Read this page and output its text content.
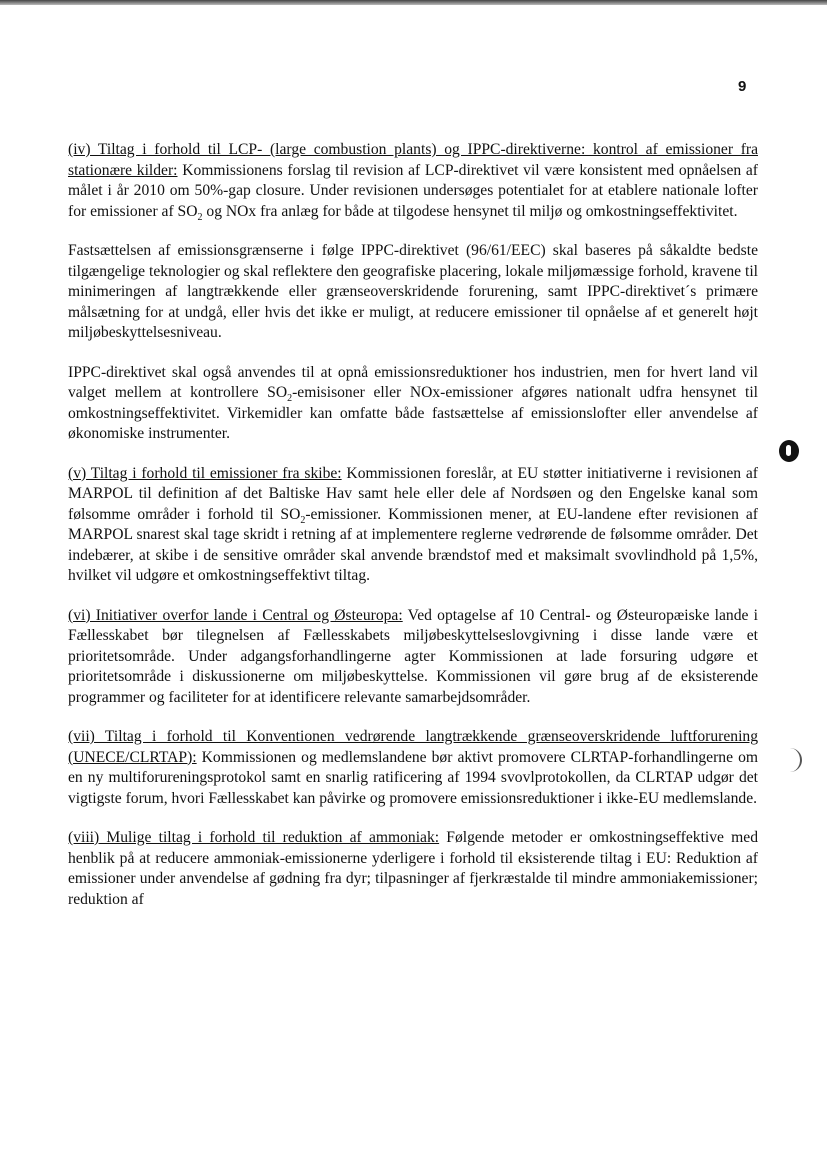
9

(iv) Tiltag i forhold til LCP- (large combustion plants) og IPPC-direktiverne: kontrol af emissioner fra stationære kilder: Kommissionens forslag til revision af LCP-direktivet vil være konsistent med opnåelsen af målet i år 2010 om 50%-gap closure. Under revisionen undersøges potentialet for at etablere nationale lofter for emissioner af $SO_2$ og NOx fra anlæg for både at tilgodese hensynet til miljø og omkostningseffektivitet.

Fastsættelsen af emissionsgrænserne i følge IPPC-direktivet (96/61/EEC) skal baseres på såkaldte bedste tilgængelige teknologier og skal reflektere den geografiske placering, lokale miljømæssige forhold, kravene til minimeringen af langtrækkende eller grænseoverskridende forurening, samt IPPC-direktivet´s primære målsætning for at undgå, eller hvis det ikke er muligt, at reducere emissioner til opnåelse af et generelt højt miljøbeskyttelsesniveau.

IPPC-direktivet skal også anvendes til at opnå emissionsreduktioner hos industrien, men for hvert land vil valget mellem at kontrollere $SO_2$-emisisoner eller NOx-emissioner afgøres nationalt udfra hensynet til omkostningseffektivitet. Virkemidler kan omfatte både fastsættelse af emissionslofter eller anvendelse af økonomiske instrumenter.

(v) Tiltag i forhold til emissioner fra skibe: Kommissionen foreslår, at EU støtter initiativerne i revisionen af MARPOL til definition af det Baltiske Hav samt hele eller dele af Nordsøen og den Engelske kanal som følsomme områder i forhold til $SO_2$-emissioner. Kommissionen mener, at EU-landene efter revisionen af MARPOL snarest skal tage skridt i retning af at implementere reglerne vedrørende de følsomme områder. Det indebærer, at skibe i de sensitive områder skal anvende brændstof med et maksimalt svovlindhold på 1,5%, hvilket vil udgøre et omkostningseffektivt tiltag.

(vi) Initiativer overfor lande i Central og Østeuropa: Ved optagelse af 10 Central- og Østeuropæiske lande i Fællesskabet bør tilegnelsen af Fællesskabets miljøbeskyttelseslovgivning i disse lande være et prioritetsområde. Under adgangsforhandlingerne agter Kommissionen at lade forsuring udgøre et prioritetsområde i diskussionerne om miljøbeskyttelse. Kommissionen vil gøre brug af de eksisterende programmer og faciliteter for at identificere relevante samarbejdsområder.

(vii) Tiltag i forhold til Konventionen vedrørende langtrækkende grænseoverskridende luftforurening (UNECE/CLRTAP): Kommissionen og medlemslandene bør aktivt promovere CLRTAP-forhandlingerne om en ny multiforureningsprotokol samt en snarlig ratificering af 1994 svovlprotokollen, da CLRTAP udgør det vigtigste forum, hvori Fællesskabet kan påvirke og promovere emissionsreduktioner i ikke-EU medlemslande.

(viii) Mulige tiltag i forhold til reduktion af ammoniak: Følgende metoder er omkostningseffektive med henblik på at reducere ammoniak-emissionerne yderligere i forhold til eksisterende tiltag i EU: Reduktion af emissioner under anvendelse af gødning fra dyr; tilpasninger af fjerkræstalde til mindre ammoniakemissioner; reduktion af
